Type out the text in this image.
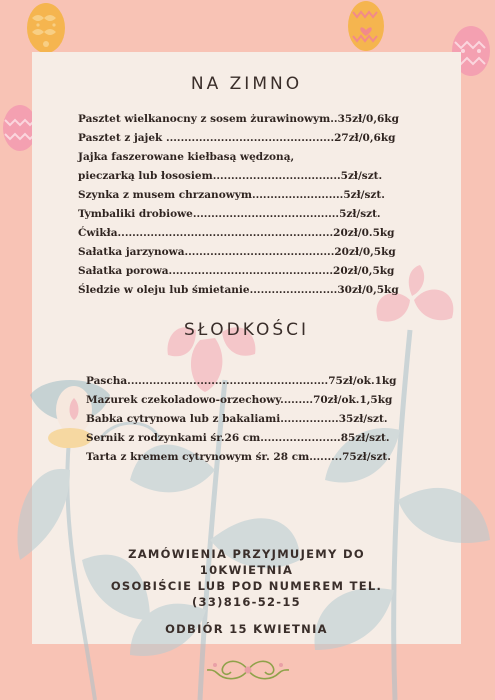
NA ZIMNO
Pasztet wielkanocny z sosem żurawinowym..35zł/0,6kg
Pasztet z jajek ..............................................27zł/0,6kg
Jajka faszerowane kiełbasą wędzoną,
pieczarką lub łososiem...................................5zł/szt.
Szynka z musem chrzanowym.........................5zł/szt.
Tymbaliki drobiowe........................................5zł/szt.
Ćwikła...........................................................20zł/0.5kg
Sałatka jarzynowa.........................................20zł/0,5kg
Sałatka porowa.............................................20zł/0,5kg
Śledzie w oleju lub śmietanie........................30zł/0,5kg
SŁODKOŚCI
Pascha.......................................................75zł/ok.1kg
Mazurek czekoladowo-orzechowy.........70zł/ok.1,5kg
Babka cytrynowa lub z bakaliami................35zł/szt.
Sernik z rodzynkami śr.26 cm......................85zł/szt.
Tarta z kremem cytrynowym śr. 28 cm.........75zł/szt.
ZAMÓWIENIA PRZYJMUJEMY DO
10KWIETNIA
OSOBIŚCIE LUB POD NUMEREM TEL.
(33)816-52-15
ODBIÓR 15 KWIETNIA
